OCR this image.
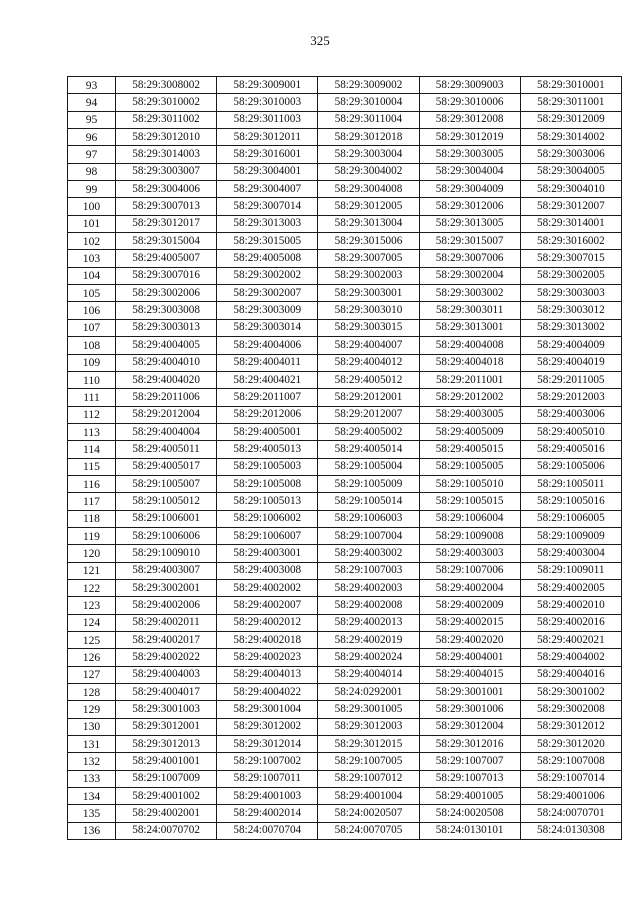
325
93	58:29:3008002	58:29:3009001	58:29:3009002	58:29:3009003	58:29:3010001
94	58:29:3010002	58:29:3010003	58:29:3010004	58:29:3010006	58:29:3011001
95	58:29:3011002	58:29:3011003	58:29:3011004	58:29:3012008	58:29:3012009
96	58:29:3012010	58:29:3012011	58:29:3012018	58:29:3012019	58:29:3014002
97	58:29:3014003	58:29:3016001	58:29:3003004	58:29:3003005	58:29:3003006
98	58:29:3003007	58:29:3004001	58:29:3004002	58:29:3004004	58:29:3004005
99	58:29:3004006	58:29:3004007	58:29:3004008	58:29:3004009	58:29:3004010
100	58:29:3007013	58:29:3007014	58:29:3012005	58:29:3012006	58:29:3012007
101	58:29:3012017	58:29:3013003	58:29:3013004	58:29:3013005	58:29:3014001
102	58:29:3015004	58:29:3015005	58:29:3015006	58:29:3015007	58:29:3016002
103	58:29:4005007	58:29:4005008	58:29:3007005	58:29:3007006	58:29:3007015
104	58:29:3007016	58:29:3002002	58:29:3002003	58:29:3002004	58:29:3002005
105	58:29:3002006	58:29:3002007	58:29:3003001	58:29:3003002	58:29:3003003
106	58:29:3003008	58:29:3003009	58:29:3003010	58:29:3003011	58:29:3003012
107	58:29:3003013	58:29:3003014	58:29:3003015	58:29:3013001	58:29:3013002
108	58:29:4004005	58:29:4004006	58:29:4004007	58:29:4004008	58:29:4004009
109	58:29:4004010	58:29:4004011	58:29:4004012	58:29:4004018	58:29:4004019
110	58:29:4004020	58:29:4004021	58:29:4005012	58:29:2011001	58:29:2011005
111	58:29:2011006	58:29:2011007	58:29:2012001	58:29:2012002	58:29:2012003
112	58:29:2012004	58:29:2012006	58:29:2012007	58:29:4003005	58:29:4003006
113	58:29:4004004	58:29:4005001	58:29:4005002	58:29:4005009	58:29:4005010
114	58:29:4005011	58:29:4005013	58:29:4005014	58:29:4005015	58:29:4005016
115	58:29:4005017	58:29:1005003	58:29:1005004	58:29:1005005	58:29:1005006
116	58:29:1005007	58:29:1005008	58:29:1005009	58:29:1005010	58:29:1005011
117	58:29:1005012	58:29:1005013	58:29:1005014	58:29:1005015	58:29:1005016
118	58:29:1006001	58:29:1006002	58:29:1006003	58:29:1006004	58:29:1006005
119	58:29:1006006	58:29:1006007	58:29:1007004	58:29:1009008	58:29:1009009
120	58:29:1009010	58:29:4003001	58:29:4003002	58:29:4003003	58:29:4003004
121	58:29:4003007	58:29:4003008	58:29:1007003	58:29:1007006	58:29:1009011
122	58:29:3002001	58:29:4002002	58:29:4002003	58:29:4002004	58:29:4002005
123	58:29:4002006	58:29:4002007	58:29:4002008	58:29:4002009	58:29:4002010
124	58:29:4002011	58:29:4002012	58:29:4002013	58:29:4002015	58:29:4002016
125	58:29:4002017	58:29:4002018	58:29:4002019	58:29:4002020	58:29:4002021
126	58:29:4002022	58:29:4002023	58:29:4002024	58:29:4004001	58:29:4004002
127	58:29:4004003	58:29:4004013	58:29:4004014	58:29:4004015	58:29:4004016
128	58:29:4004017	58:29:4004022	58:24:0292001	58:29:3001001	58:29:3001002
129	58:29:3001003	58:29:3001004	58:29:3001005	58:29:3001006	58:29:3002008
130	58:29:3012001	58:29:3012002	58:29:3012003	58:29:3012004	58:29:3012012
131	58:29:3012013	58:29:3012014	58:29:3012015	58:29:3012016	58:29:3012020
132	58:29:4001001	58:29:1007002	58:29:1007005	58:29:1007007	58:29:1007008
133	58:29:1007009	58:29:1007011	58:29:1007012	58:29:1007013	58:29:1007014
134	58:29:4001002	58:29:4001003	58:29:4001004	58:29:4001005	58:29:4001006
135	58:29:4002001	58:29:4002014	58:24:0020507	58:24:0020508	58:24:0070701
136	58:24:0070702	58:24:0070704	58:24:0070705	58:24:0130101	58:24:0130308
